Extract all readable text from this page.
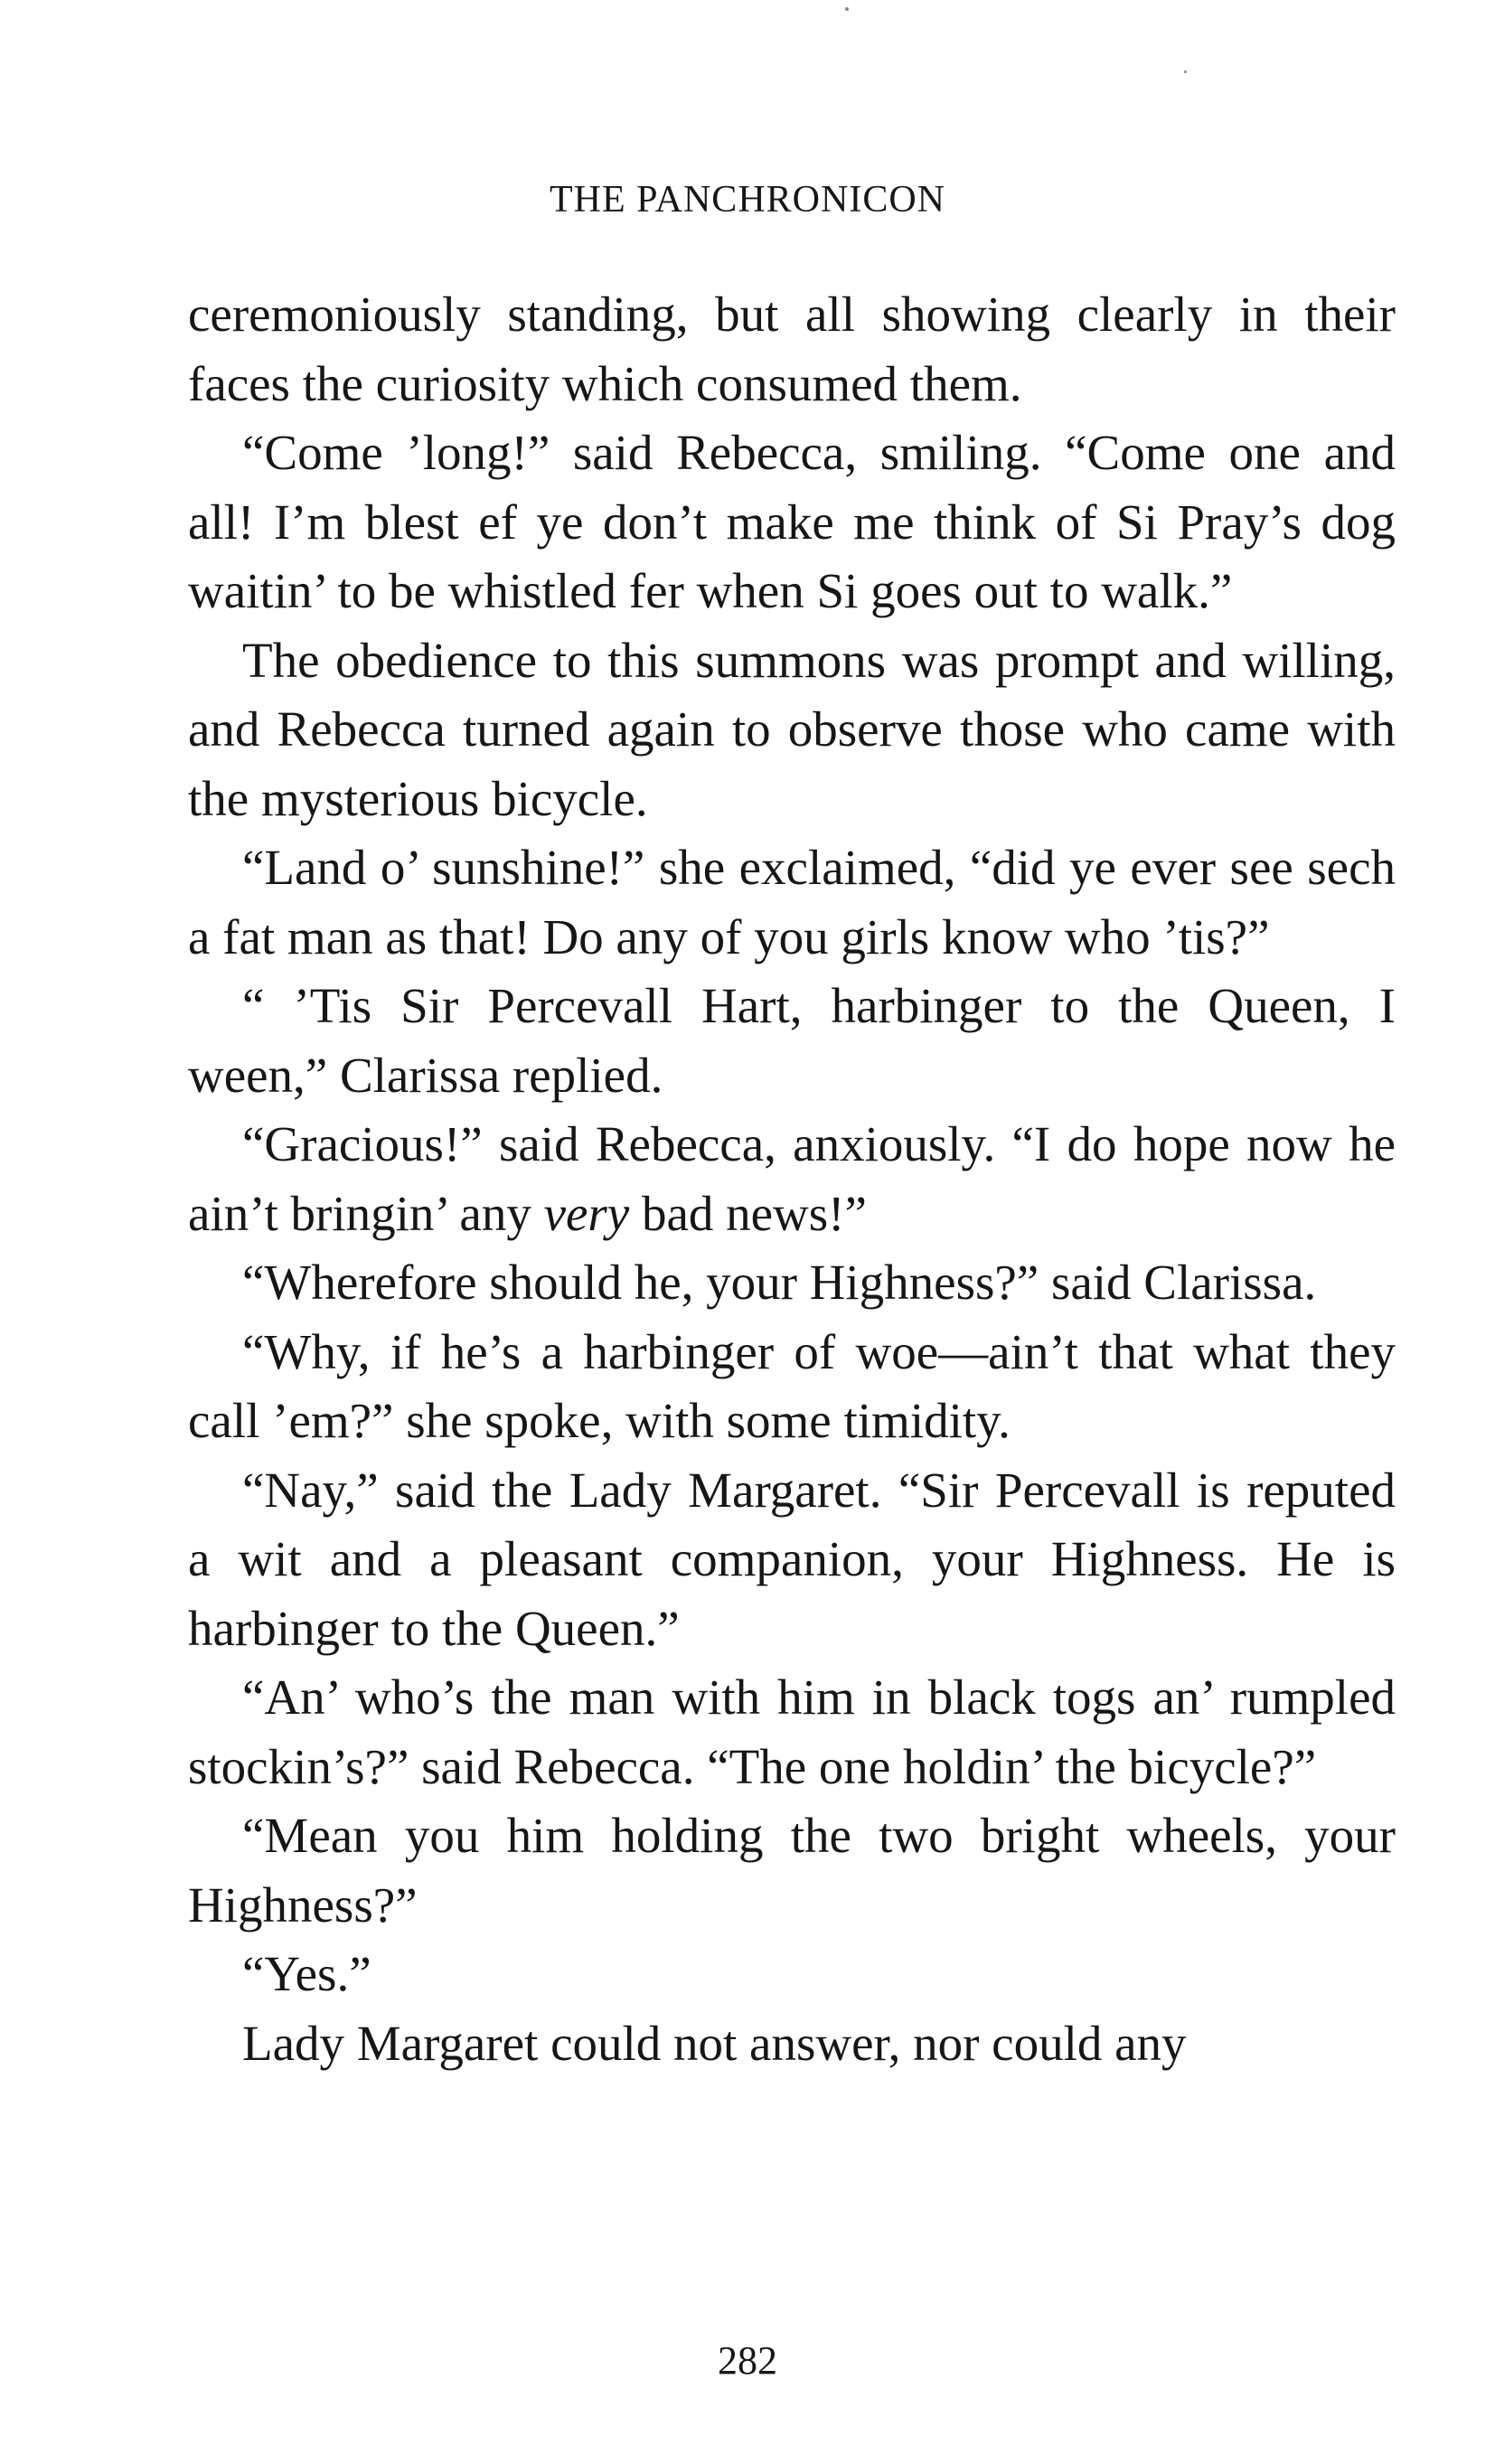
THE PANCHRONICON

ceremoniously standing, but all showing clearly in their faces the curiosity which consumed them.

“Come ’long!” said Rebecca, smiling. “Come one and all! I’m blest ef ye don’t make me think of Si Pray’s dog waitin’ to be whistled fer when Si goes out to walk.”

The obedience to this summons was prompt and willing, and Rebecca turned again to observe those who came with the mysterious bicycle.

“Land o’ sunshine!” she exclaimed, “did ye ever see sech a fat man as that! Do any of you girls know who ’tis?”

“ ’Tis Sir Percevall Hart, harbinger to the Queen, I ween,” Clarissa replied.

“Gracious!” said Rebecca, anxiously. “I do hope now he ain’t bringin’ any very bad news!”

“Wherefore should he, your Highness?” said Clarissa.

“Why, if he’s a harbinger of woe—ain’t that what they call ’em?” she spoke, with some timidity.

“Nay,” said the Lady Margaret. “Sir Percevall is reputed a wit and a pleasant companion, your Highness. He is harbinger to the Queen.”

“An’ who’s the man with him in black togs an’ rumpled stockin’s?” said Rebecca. “The one holdin’ the bicycle?”

“Mean you him holding the two bright wheels, your Highness?”

“Yes.”

Lady Margaret could not answer, nor could any

282
